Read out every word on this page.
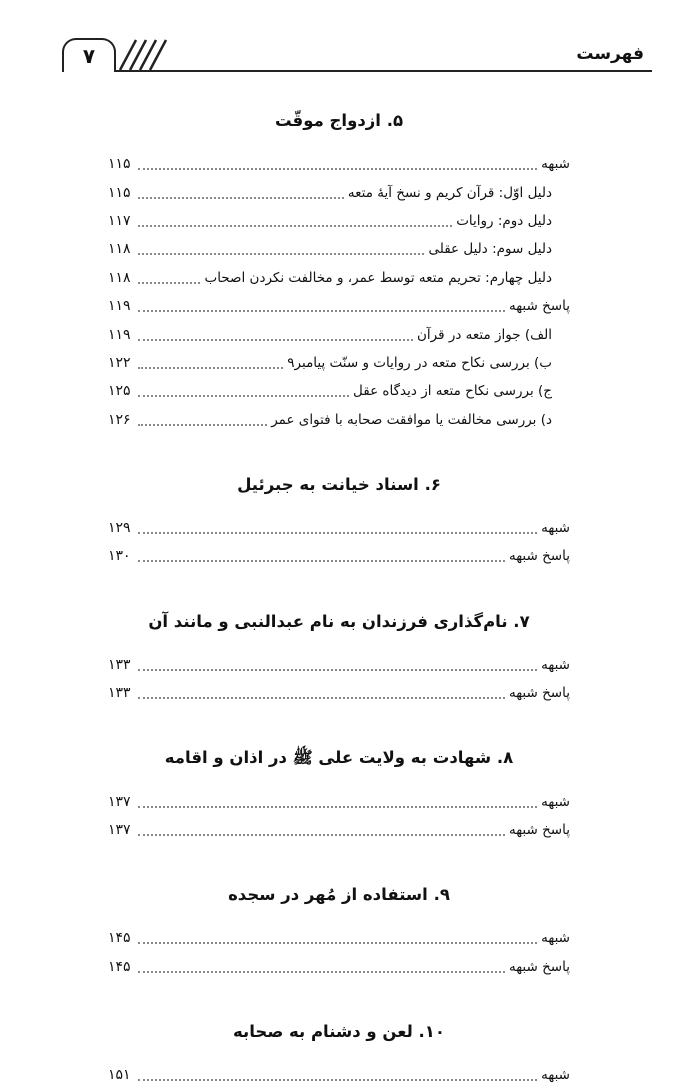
۷	فهرست
۵. ازدواج موقّت
شبهه
۱۱۵
دلیل اوّل: قرآن کریم و نسخ آیهٔ متعه
۱۱۵
دلیل دوم: روایات
۱۱۷
دلیل سوم: دلیل عقلی
۱۱۸
دلیل چهارم: تحریم متعه توسط عمر، و مخالفت نکردن اصحاب
۱۱۸
پاسخ شبهه
۱۱۹
الف) جواز متعه در قرآن
۱۱۹
ب) بررسی نکاح متعه در روایات و سنّت پیامبر۹
۱۲۲
ج) بررسی نکاح متعه از دیدگاه عقل
۱۲۵
د) بررسی مخالفت یا موافقت صحابه با فتوای عمر
۱۲۶
۶. اسناد خیانت به جبرئیل
شبهه
۱۲۹
پاسخ شبهه
۱۳۰
۷. نام‌گذاری فرزندان به نام عبدالنبی و مانند آن
شبهه
۱۳۳
پاسخ شبهه
۱۳۳
۸. شهادت به ولایت علی ﷺ در اذان و اقامه
شبهه
۱۳۷
پاسخ شبهه
۱۳۷
۹. استفاده از مُهر در سجده
شبهه
۱۴۵
پاسخ شبهه
۱۴۵
۱۰. لعن و دشنام به صحابه
شبهه
۱۵۱
